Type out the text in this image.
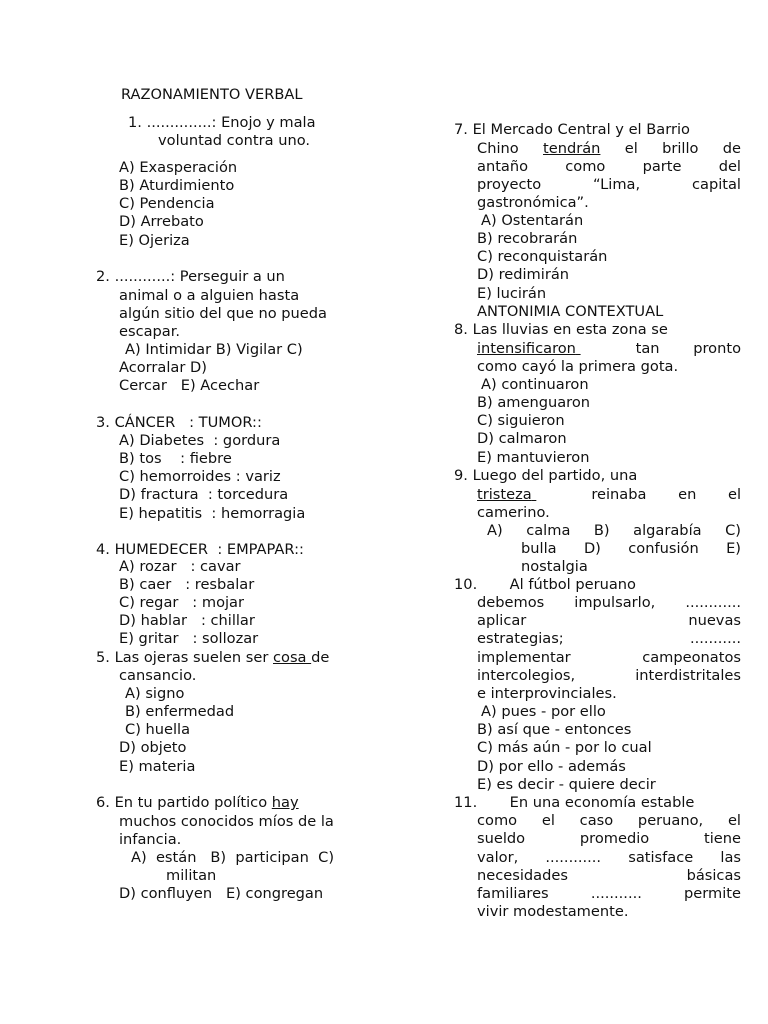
RAZONAMIENTO VERBAL
1. ..............: Enojo y mala
voluntad contra uno.
A) Exasperación
B) Aturdimiento
C) Pendencia
D) Arrebato
E) Ojeriza
2. ............: Perseguir a un
animal o a alguien hasta
algún sitio del que no pueda
escapar.
A) Intimidar B) Vigilar C)
Acorralar D)
Cercar   E) Acechar
3. CÁNCER   : TUMOR::
A) Diabetes  : gordura
B) tos    : fiebre
C) hemorroides : variz
D) fractura  : torcedura
E) hepatitis  : hemorragia
4. HUMEDECER  : EMPAPAR::
A) rozar   : cavar
B) caer   : resbalar
C) regar   : mojar
D) hablar   : chillar
E) gritar   : sollozar
5. Las ojeras suelen ser cosa de
cansancio.
A) signo
B) enfermedad
C) huella
D) objeto
E) materia
6. En tu partido político hay
muchos conocidos míos de la
infancia.
A)  están   B)  participan  C)
militan
D) confluyen   E) congregan
7. El Mercado Central y el Barrio
Chino tendrán el brillo de
antaño como parte del
proyecto “Lima, capital
gastronómica”.
A) Ostentarán
B) recobrarán
C) reconquistarán
D) redimirán
E) lucirán
ANTONIMIA CONTEXTUAL
8. Las lluvias en esta zona se
intensificaron	tan pronto
como cayó la primera gota.
A) continuaron
B) amenguaron
C) siguieron
D) calmaron
E) mantuvieron
9. Luego del partido, una
tristeza	reinaba en el
camerino.
A) calma B) algarabía C)
bulla D) confusión E)
nostalgia
10.       Al fútbol peruano
debemos impulsarlo, ............
aplicar nuevas
estrategias; ...........
implementar campeonatos
intercolegios, interdistritales
e interprovinciales.
A) pues - por ello
B) así que - entonces
C) más aún - por lo cual
D) por ello - además
E) es decir - quiere decir
11.       En una economía estable
como el caso peruano, el
sueldo promedio tiene
valor, ............ satisface las
necesidades básicas
familiares ........... permite
vivir modestamente.
